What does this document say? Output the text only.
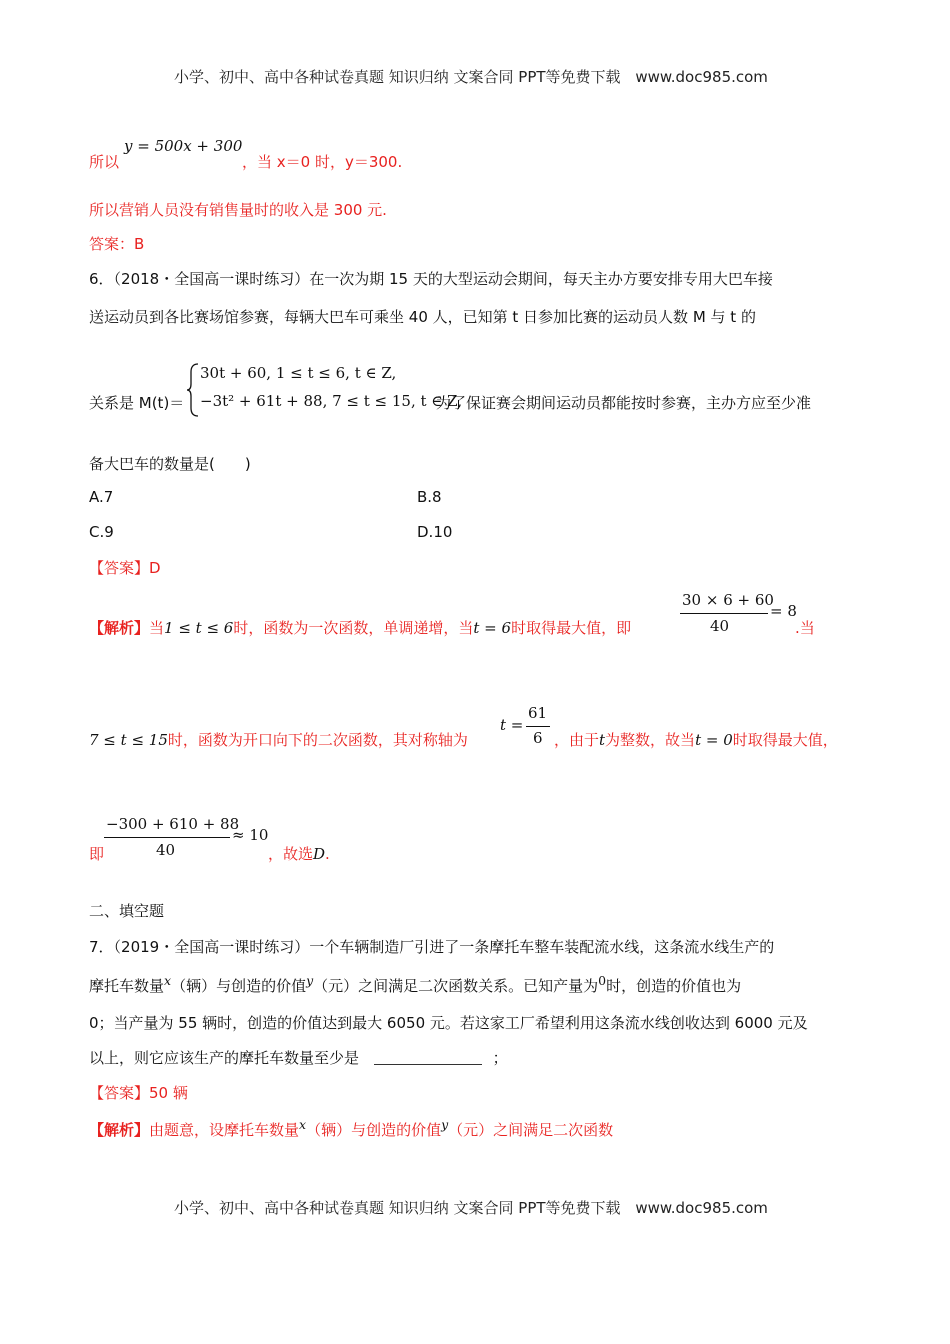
小学、初中、高中各种试卷真题 知识归纳 文案合同 PPT等免费下载 www.doc985.com
所以
y = 500x + 300
，当 x＝0 时，y＝300.
所以营销人员没有销售量时的收入是 300 元.
答案：B
6．（2018・全国高一课时练习）在一次为期 15 天的大型运动会期间，每天主办方要安排专用大巴车接
送运动员到各比赛场馆参赛，每辆大巴车可乘坐 40 人，已知第 t 日参加比赛的运动员人数 M 与 t 的
关系是 M(t)＝
30t + 60, 1 ≤ t ≤ 6, t ∈ Z,
−3t² + 61t + 88, 7 ≤ t ≤ 15, t ∈ Z,
为了保证赛会期间运动员都能按时参赛，主办方应至少准
备大巴车的数量是(　　)
A.7	B.8
C.9	D.10
【答案】D
【解析】当1 ≤ t ≤ 6时，函数为一次函数，单调递增，当t = 6时取得最大值，即
30 × 6 + 60
40
= 8
.当
7 ≤ t ≤ 15时，函数为开口向下的二次函数，其对称轴为
t =
61
6 ，由于t为整数，故当t = 0时取得最大值，
即
−300 + 610 + 88
40
≈ 10
，故选D.
二、填空题
7．（2019・全国高一课时练习）一个车辆制造厂引进了一条摩托车整车装配流水线，这条流水线生产的
摩托车数量$^x$（辆）与创造的价值$^y$（元）之间满足二次函数关系。已知产量为$^0$时，创造的价值也为
0；当产量为 55 辆时，创造的价值达到最大 6050 元。若这家工厂希望利用这条流水线创收达到 6000 元及
以上，则它应该生产的摩托车数量至少是	；
【答案】50 辆
【解析】由题意，设摩托车数量$^x$（辆）与创造的价值$^y$（元）之间满足二次函数
小学、初中、高中各种试卷真题 知识归纳 文案合同 PPT等免费下载 www.doc985.com
